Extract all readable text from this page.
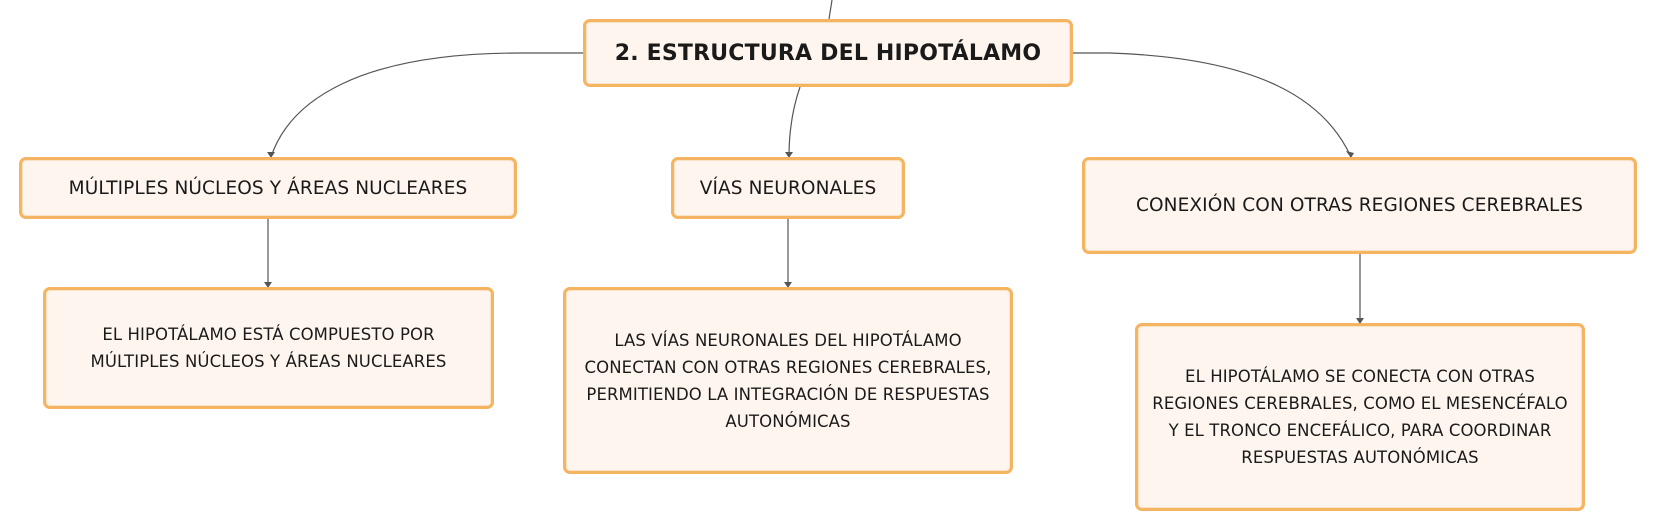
2. ESTRUCTURA DEL HIPOTÁLAMO
MÚLTIPLES NÚCLEOS Y ÁREAS NUCLEARES	VÍAS NEURONALES
CONEXIÓN CON OTRAS REGIONES CEREBRALES
EL HIPOTÁLAMO ESTÁ COMPUESTO POR MÚLTIPLES NÚCLEOS Y ÁREAS NUCLEARES
LAS VÍAS NEURONALES DEL HIPOTÁLAMO CONECTAN CON OTRAS REGIONES CEREBRALES, PERMITIENDO LA INTEGRACIÓN DE RESPUESTAS AUTONÓMICAS
EL HIPOTÁLAMO SE CONECTA CON OTRAS REGIONES CEREBRALES, COMO EL MESENCÉFALO Y EL TRONCO ENCEFÁLICO, PARA COORDINAR RESPUESTAS AUTONÓMICAS
